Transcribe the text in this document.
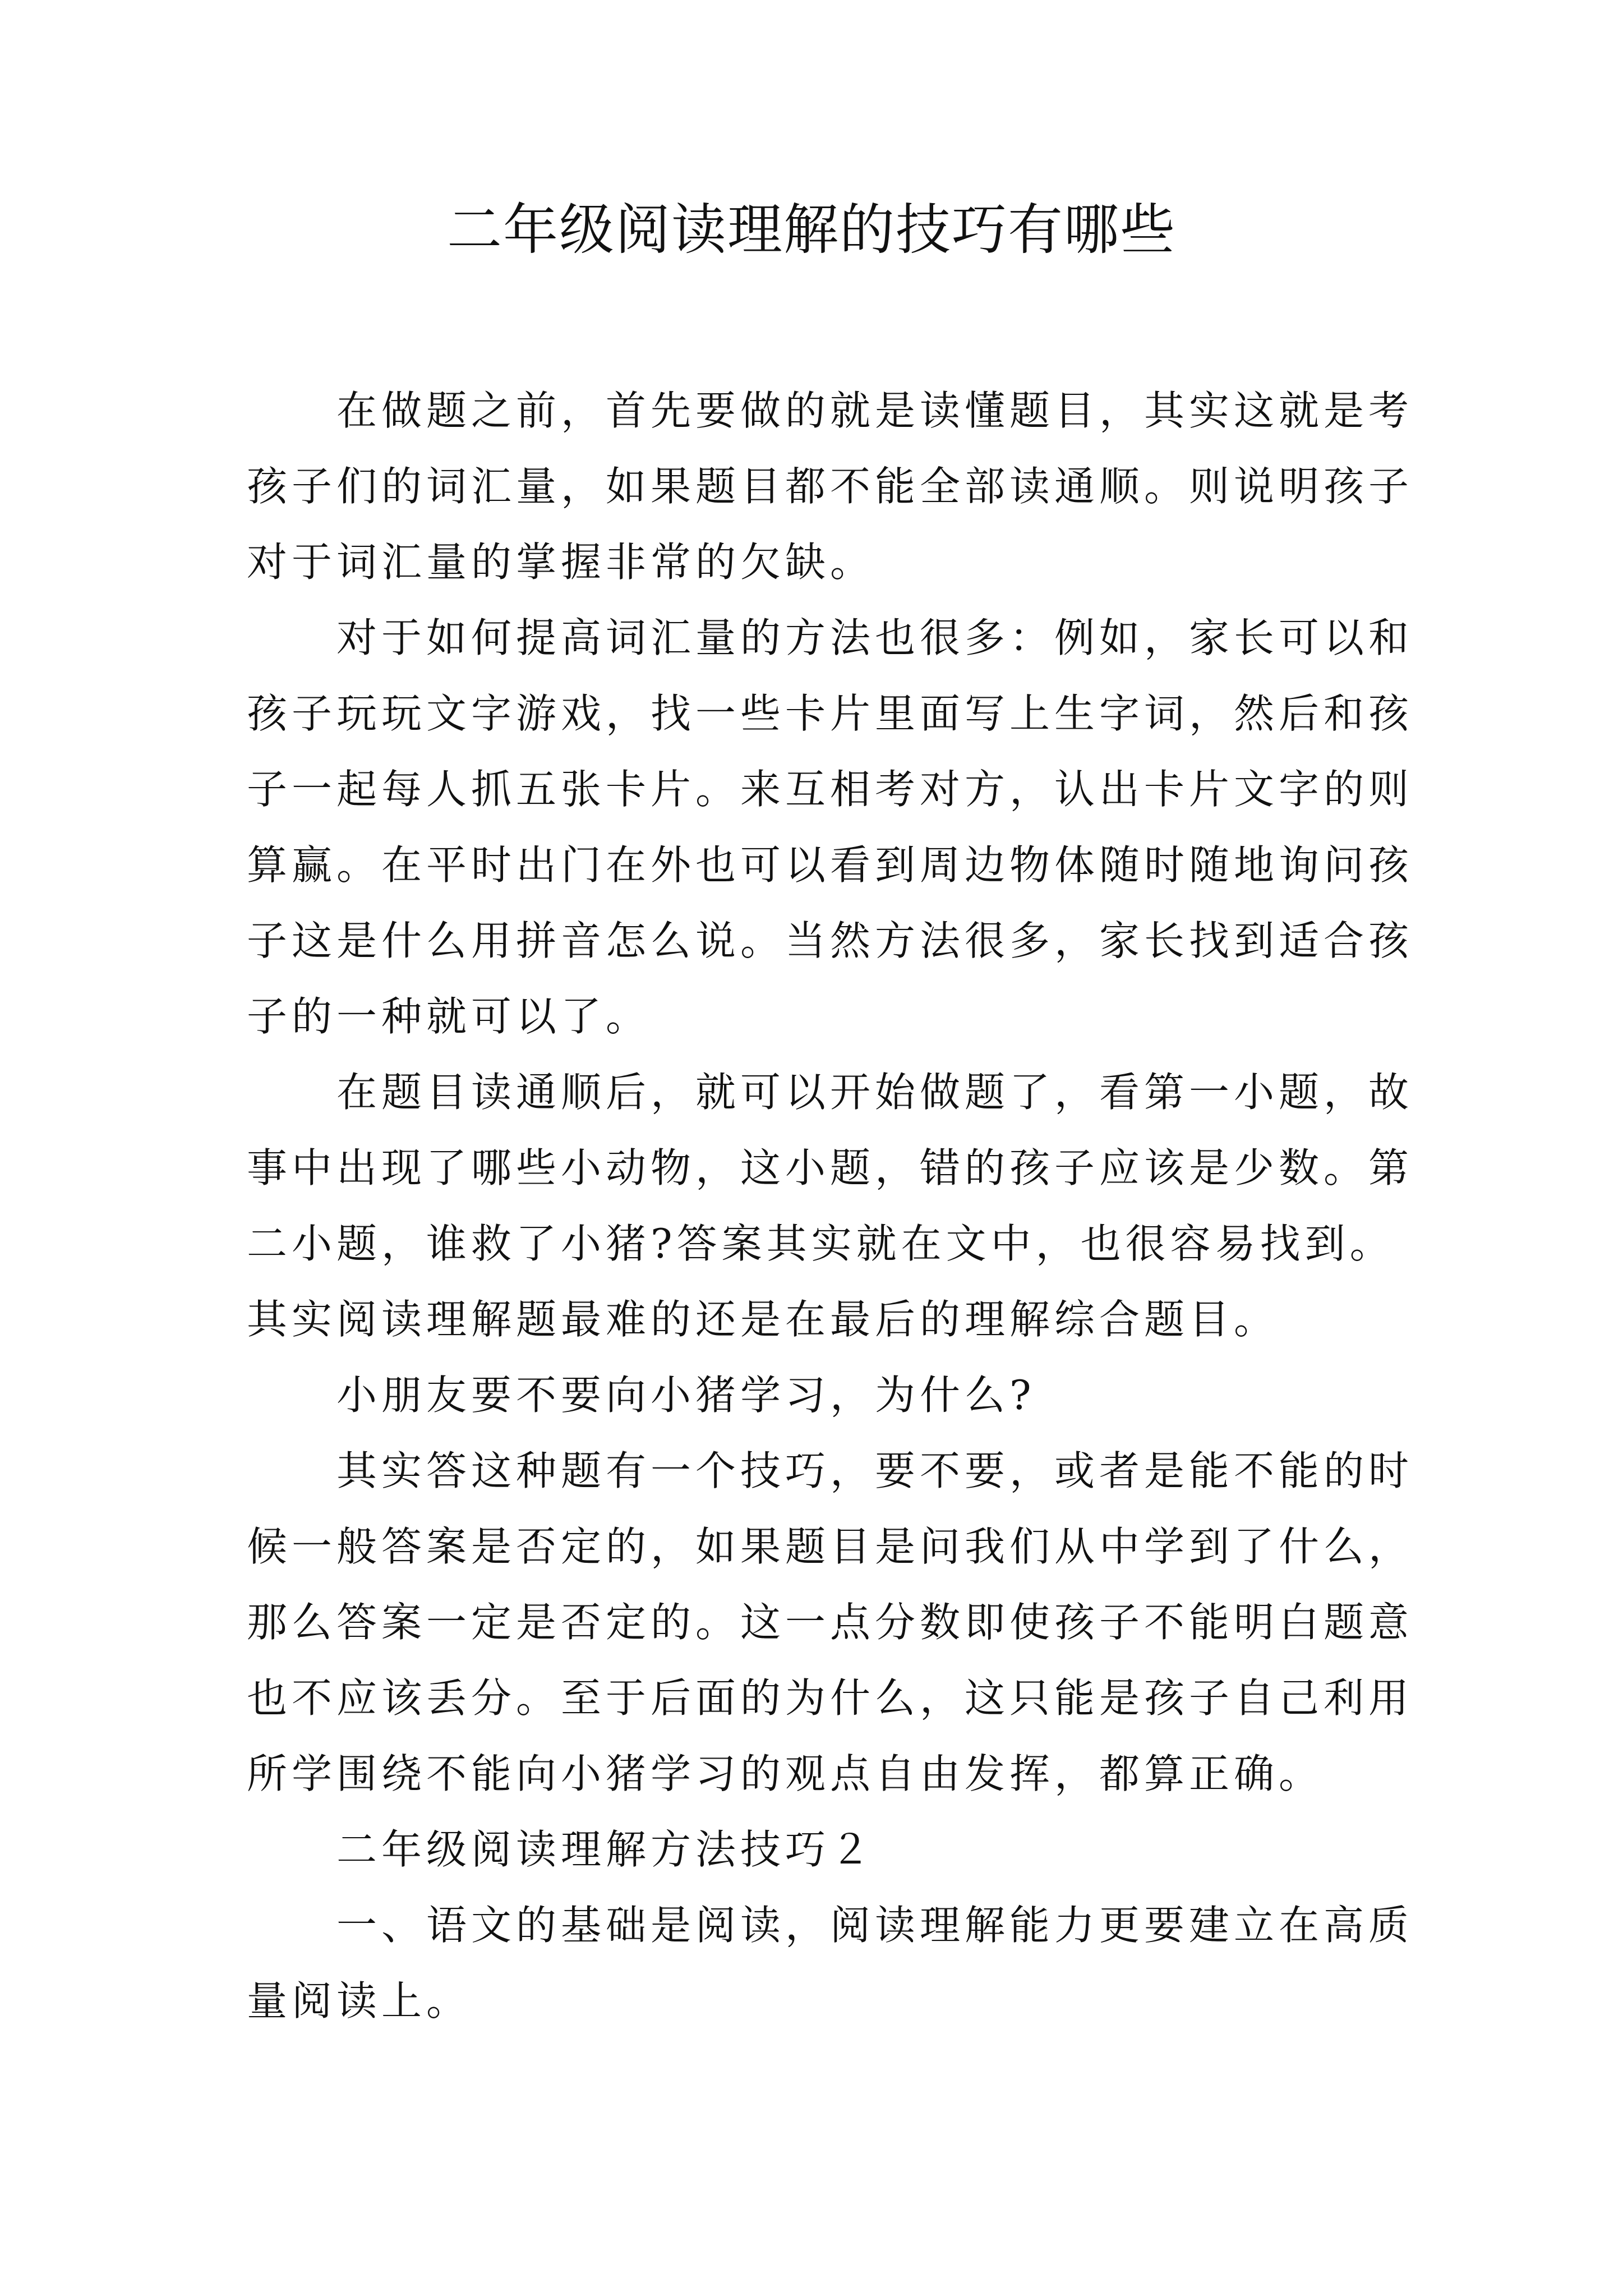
二年级阅读理解的技巧有哪些
在做题之前，首先要做的就是读懂题目，其实这就是考
孩子们的词汇量，如果题目都不能全部读通顺。则说明孩子
对于词汇量的掌握非常的欠缺。
对于如何提高词汇量的方法也很多：例如，家长可以和
孩子玩玩文字游戏，找一些卡片里面写上生字词，然后和孩
子一起每人抓五张卡片。来互相考对方，认出卡片文字的则
算赢。在平时出门在外也可以看到周边物体随时随地询问孩
子这是什么用拼音怎么说。当然方法很多，家长找到适合孩
子的一种就可以了。
在题目读通顺后，就可以开始做题了，看第一小题，故
事中出现了哪些小动物，这小题，错的孩子应该是少数。第
二小题，谁救了小猪?答案其实就在文中，也很容易找到。
其实阅读理解题最难的还是在最后的理解综合题目。
小朋友要不要向小猪学习，为什么?
其实答这种题有一个技巧，要不要，或者是能不能的时
候一般答案是否定的，如果题目是问我们从中学到了什么，
那么答案一定是否定的。这一点分数即使孩子不能明白题意
也不应该丢分。至于后面的为什么，这只能是孩子自己利用
所学围绕不能向小猪学习的观点自由发挥，都算正确。
二年级阅读理解方法技巧２
一、语文的基础是阅读，阅读理解能力更要建立在高质
量阅读上。
